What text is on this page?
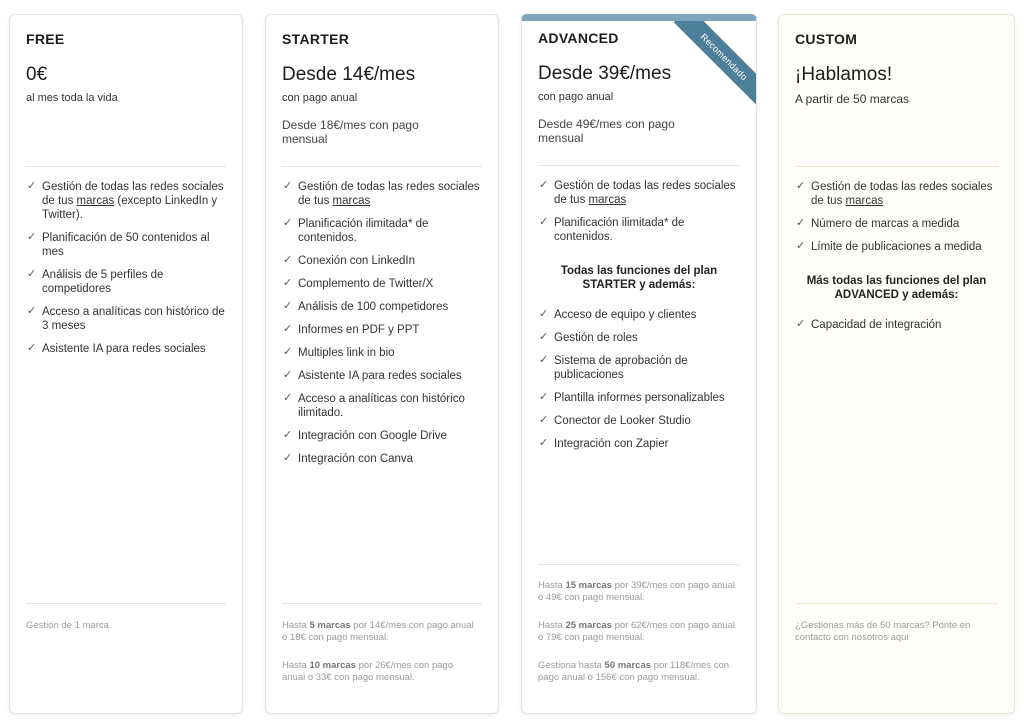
FREE
0€
al mes toda la vida
✓ Gestión de todas las redes sociales de tus marcas (excepto LinkedIn y Twitter).
✓ Planificación de 50 contenidos al mes
✓ Análisis de 5 perfiles de competidores
✓ Acceso a analíticas con histórico de 3 meses
✓ Asistente IA para redes sociales
Gestión de 1 marca
STARTER
Desde 14€/mes
con pago anual
Desde 18€/mes con pago mensual
✓ Gestión de todas las redes sociales de tus marcas
✓ Planificación ilimitada* de contenidos.
✓ Conexión con LinkedIn
✓ Complemento de Twitter/X
✓ Análisis de 100 competidores
✓ Informes en PDF y PPT
✓ Multiples link in bio
✓ Asistente IA para redes sociales
✓ Acceso a analíticas con histórico ilimitado.
✓ Integración con Google Drive
✓ Integración con Canva
Hasta 5 marcas por 14€/mes con pago anual o 18€ con pago mensual.
Hasta 10 marcas por 26€/mes con pago anual o 33€ con pago mensual.
Recomendado
ADVANCED
Desde 39€/mes
con pago anual
Desde 49€/mes con pago mensual
✓ Gestión de todas las redes sociales de tus marcas
✓ Planificación ilimitada* de contenidos.
Todas las funciones del plan STARTER y además:
✓ Acceso de equipo y clientes
✓ Gestión de roles
✓ Sistema de aprobación de publicaciones
✓ Plantilla informes personalizables
✓ Conector de Looker Studio
✓ Integración con Zapier
Hasta 15 marcas por 39€/mes con pago anual o 49€ con pago mensual.
Hasta 25 marcas por 62€/mes con pago anual o 79€ con pago mensual.
Gestiona hasta 50 marcas por 118€/mes con pago anual o 156€ con pago mensual.
CUSTOM
¡Hablamos!
A partir de 50 marcas
✓ Gestión de todas las redes sociales de tus marcas
✓ Número de marcas a medida
✓ Límite de publicaciones a medida
Más todas las funciones del plan ADVANCED y además:
✓ Capacidad de integración
¿Gestionas más de 50 marcas? Ponte en contacto con nosotros aquí
